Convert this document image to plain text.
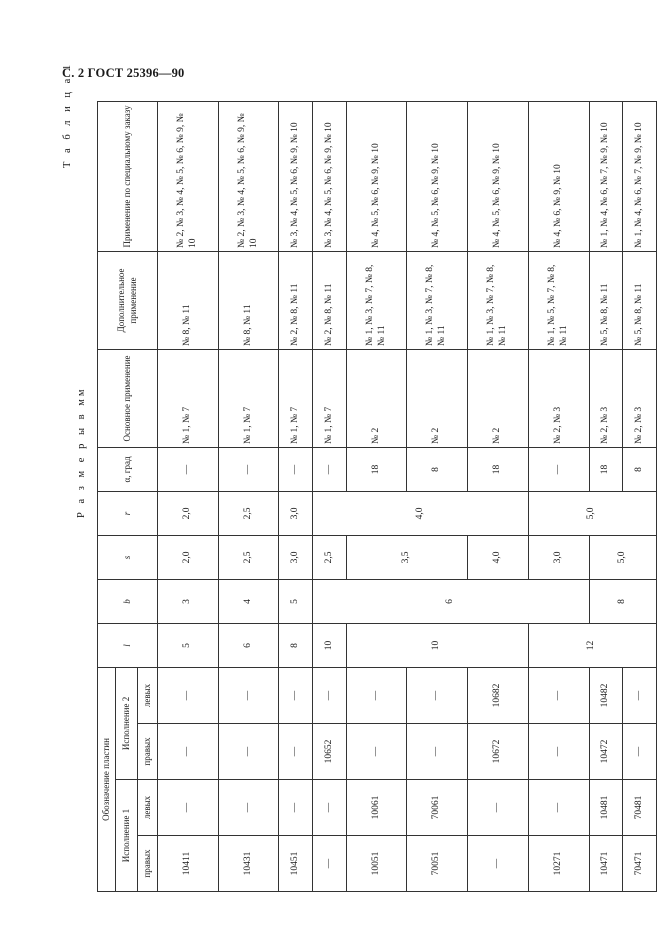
С. 2 ГОСТ 25396—90
Т а б л и ц а 1
Р а з м е р ы в мм
Обозначение пластин				l	b	s	r	α, град	Основное применение	Дополнительное применение	Применение по специальному заказу
Исполнение 1		Исполнение 2									
правых	левых	правых	левых								
10411	—	—	—	5	3	2,0	2,0	—	№ 1, № 7	№ 8, № 11	№ 2, № 3, № 4, № 5, № 6, № 9, № 10
10431	—	—	—	6	4	2,5	2,5	—	№ 1, № 7	№ 8, № 11	№ 2, № 3, № 4, № 5, № 6, № 9, № 10
10451	—	—	—	8	5	3,0	3,0	—	№ 1, № 7	№ 2, № 8, № 11	№ 3, № 4, № 5, № 6, № 9, № 10
—	—	10652	—	10	6	2,5	4,0	—	№ 1, № 7	№ 2, № 8, № 11	№ 3, № 4, № 5, № 6, № 9, № 10
10051	10061	—	—	10		3,5		18	№ 2	№ 1, № 3, № 7, № 8, № 11	№ 4, № 5, № 6, № 9, № 10
70051	70061	—	—					8	№ 2	№ 1, № 3, № 7, № 8, № 11	№ 4, № 5, № 6, № 9, № 10
—	—	10672	10682			4,0		18	№ 2	№ 1, № 3, № 7, № 8, № 11	№ 4, № 5, № 6, № 9, № 10
10271	—	—	—	12		3,0	5,0	—	№ 2, № 3	№ 1, № 5, № 7, № 8, № 11	№ 4, № 6, № 9, № 10
10471	10481	10472	10482		8	5,0		18	№ 2, № 3	№ 5, № 8, № 11	№ 1, № 4, № 6, № 7, № 9, № 10
70471	70481	—	—					8	№ 2, № 3	№ 5, № 8, № 11	№ 1, № 4, № 6, № 7, № 9, № 10
